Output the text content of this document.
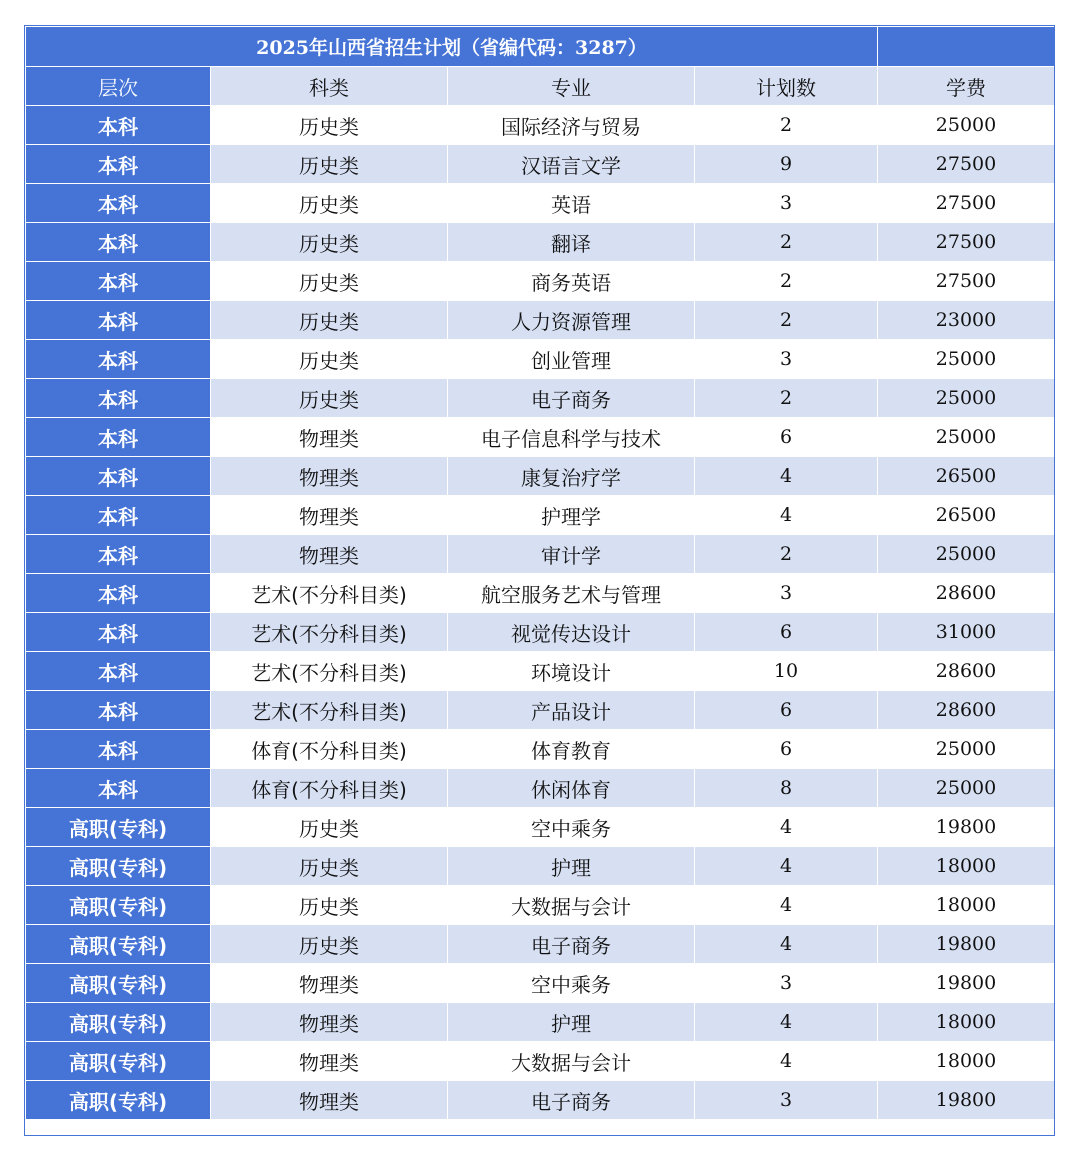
2025年山西省招生计划（省编代码：3287）				
层次	科类	专业	计划数	学费
本科	历史类	国际经济与贸易	2	25000
本科	历史类	汉语言文学	9	27500
本科	历史类	英语	3	27500
本科	历史类	翻译	2	27500
本科	历史类	商务英语	2	27500
本科	历史类	人力资源管理	2	23000
本科	历史类	创业管理	3	25000
本科	历史类	电子商务	2	25000
本科	物理类	电子信息科学与技术	6	25000
本科	物理类	康复治疗学	4	26500
本科	物理类	护理学	4	26500
本科	物理类	审计学	2	25000
本科	艺术(不分科目类)	航空服务艺术与管理	3	28600
本科	艺术(不分科目类)	视觉传达设计	6	31000
本科	艺术(不分科目类)	环境设计	10	28600
本科	艺术(不分科目类)	产品设计	6	28600
本科	体育(不分科目类)	体育教育	6	25000
本科	体育(不分科目类)	休闲体育	8	25000
高职(专科)	历史类	空中乘务	4	19800
高职(专科)	历史类	护理	4	18000
高职(专科)	历史类	大数据与会计	4	18000
高职(专科)	历史类	电子商务	4	19800
高职(专科)	物理类	空中乘务	3	19800
高职(专科)	物理类	护理	4	18000
高职(专科)	物理类	大数据与会计	4	18000
高职(专科)	物理类	电子商务	3	19800
